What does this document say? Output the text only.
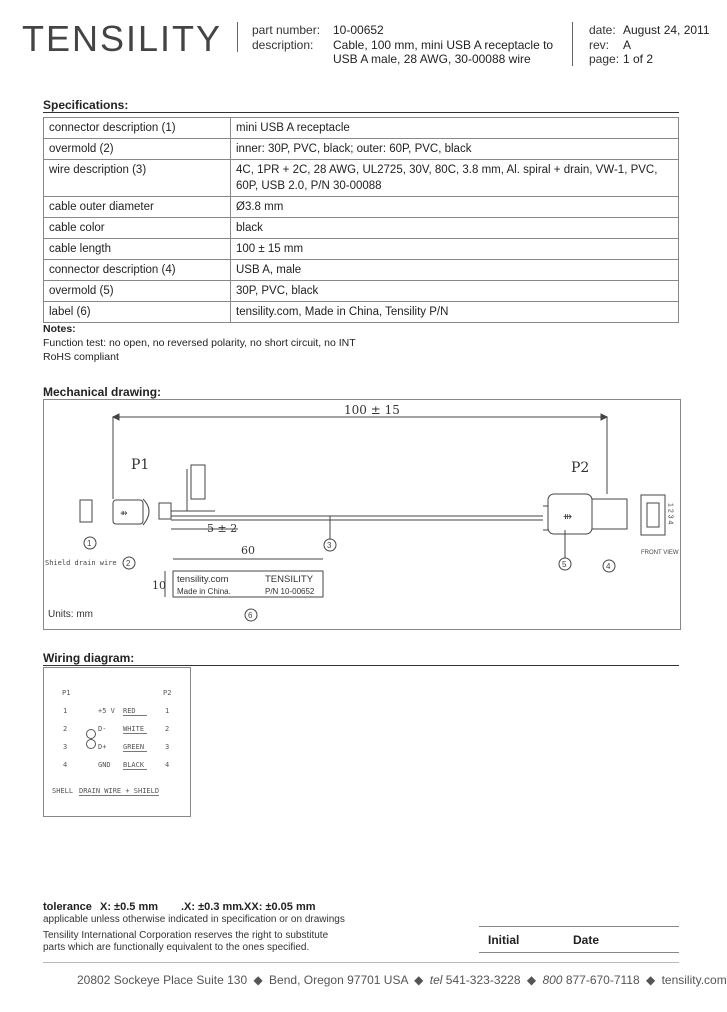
TENSILITY part number: 10-00652
description: Cable, 100 mm, mini USB A receptacle to
USB A male, 28 AWG, 30-00088 wire
date: August 24, 2011
rev: A
page: 1 of 2
Specifications:
connector description (1)	mini USB A receptacle
overmold (2)	inner: 30P, PVC, black; outer: 60P, PVC, black
wire description (3)	4C, 1PR + 2C, 28 AWG, UL2725, 30V, 80C, 3.8 mm, Al. spiral + drain, VW-1, PVC, 60P, USB 2.0, P/N 30-00088
cable outer diameter	Ø3.8 mm
cable color	black
cable length	100 ± 15 mm
connector description (4)	USB A, male
overmold (5)	30P, PVC, black
label (6)	tensility.com, Made in China, Tensility P/N
Notes:
Function test: no open, no reversed polarity, no short circuit, no INT
RoHS compliant
Mechanical drawing:
⇻	⇻
100 ± 15
P1	P2
5 ± 2
60
10 tensility.com	TENSILITY
Made in China.	P/N 10-00652
Shield drain wire
Units: mm
1
2
3
4
5
6
1 2 3 4
FRONT VIEW
Wiring diagram:
P1	P2
1	+5 V RED	1
2	D- WHITE	2
3	D+ GREEN	3
4	GND BLACK	4
SHELL DRAIN WIRE + SHIELD
tolerance X: ±0.5 mm .X: ±0.3 mm
.XX: ±0.05 mm
applicable unless otherwise indicated in specification or on drawings
Tensility International Corporation reserves the right to substitute
parts which are functionally equivalent to the ones specified.
Initial	Date
20802 Sockeye Place Suite 130 ◆ Bend, Oregon 97701 USA ◆ tel 541-323-3228 ◆ 800 877-670-7118 ◆ tensility.com
